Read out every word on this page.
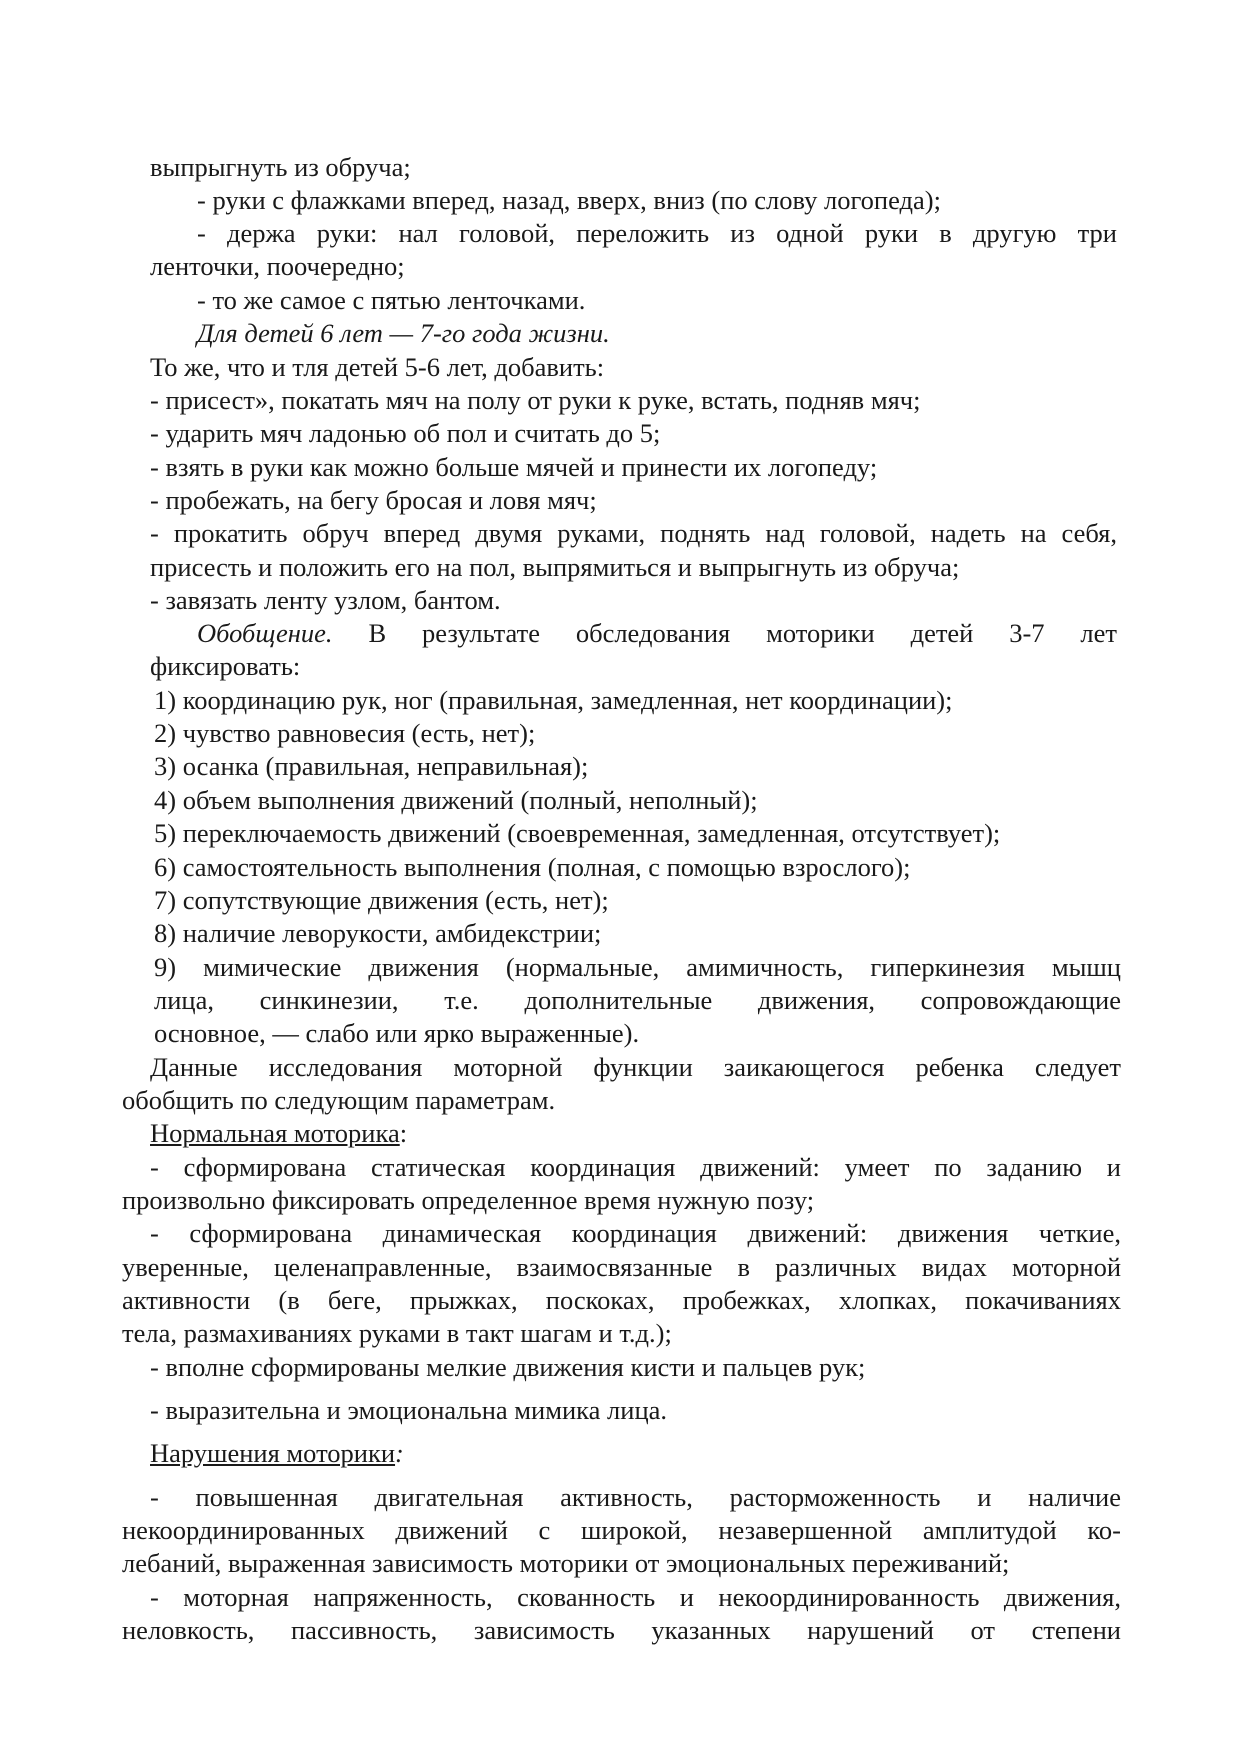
выпрыгнуть из обруча;
- руки с флажками вперед, назад, вверх, вниз (по слову логопеда);
- держа руки: нал головой, переложить из одной руки в другую три
ленточки, поочередно;
- то же самое с пятью ленточками.
Для детей 6 лет — 7-го года жизни.
То же, что и тля детей 5-6 лет, добавить:
- присест», покатать мяч на полу от руки к руке, встать, подняв мяч;
- ударить мяч ладонью об пол и считать до 5;
- взять в руки как можно больше мячей и принести их логопеду;
- пробежать, на бегу бросая и ловя мяч;
- прокатить обруч вперед двумя руками, поднять над головой, надеть на себя,
присесть и положить его на пол, выпрямиться и выпрыгнуть из обруча;
- завязать ленту узлом, бантом.
Обобщение. В результате обследования моторики детей 3-7 лет
фиксировать:
1) координацию рук, ног (правильная, замедленная, нет координации);
2) чувство равновесия (есть, нет);
3) осанка (правильная, неправильная);
4) объем выполнения движений (полный, неполный);
5) переключаемость движений (своевременная, замедленная, отсутствует);
6) самостоятельность выполнения (полная, с помощью взрослого);
7) сопутствующие движения (есть, нет);
8) наличие леворукости, амбидекстрии;
9) мимические движения (нормальные, амимичность, гиперкинезия мышц
лица, синкинезии, т.е. дополнительные движения, сопровождающие
основное, — слабо или ярко выраженные).
Данные исследования моторной функции заикающегося ребенка следует
обобщить по следующим параметрам.
Нормальная моторика:
- сформирована статическая координация движений: умеет по заданию и
произвольно фиксировать определенное время нужную позу;
- сформирована динамическая координация движений: движения четкие,
уверенные, целенаправленные, взаимосвязанные в различных видах моторной
активности (в беге, прыжках, поскоках, пробежках, хлопках, покачиваниях
тела, размахиваниях руками в такт шагам и т.д.);
- вполне сформированы мелкие движения кисти и пальцев рук;
- выразительна и эмоциональна мимика лица.
Нарушения моторики:
- повышенная двигательная активность, расторможенность и наличие
некоординированных движений с широкой, незавершенной амплитудой ко-
лебаний, выраженная зависимость моторики от эмоциональных переживаний;
- моторная напряженность, скованность и некоординированность движения,
неловкость, пассивность, зависимость указанных нарушений от степени
